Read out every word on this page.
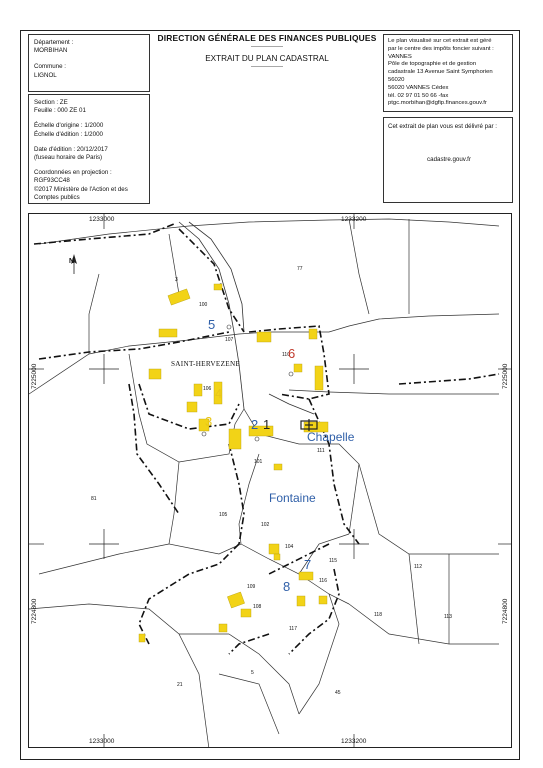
Département :
MORBIHAN
Commune :
LIGNOL
Section : ZE
Feuille : 000 ZE 01
Échelle d'origine : 1/2000
Échelle d'édition : 1/2000
Date d'édition : 20/12/2017
(fuseau horaire de Paris)
Coordonnées en projection : RGF93CC48
©2017 Ministère de l'Action et des
Comptes publics
DIRECTION GÉNÉRALE DES FINANCES PUBLIQUES
----------------
EXTRAIT DU PLAN CADASTRAL
----------------
Le plan visualisé sur cet extrait est géré
par le centre des impôts foncier suivant :
VANNES
Pôle de topographie et de gestion
cadastrale 13 Avenue Saint Symphorien
56020
56020 VANNES Cédex
tél. 02 97 01 50 66 -fax
ptgc.morbihan@dgfip.finances.gouv.fr
Cet extrait de plan vous est délivré par :
cadastre.gouv.fr
1233000	1233200
1233000	1233200
7225000	7225000
7224800	7224800
N
SAINT-HERVEZENE
100
107
106
110
111
101
102
105
104
117
116
115
112
113
118
109
108
77
3
81
21
45
5
5
6
4
3	2 1
Chapelle
Fontaine
7
8
